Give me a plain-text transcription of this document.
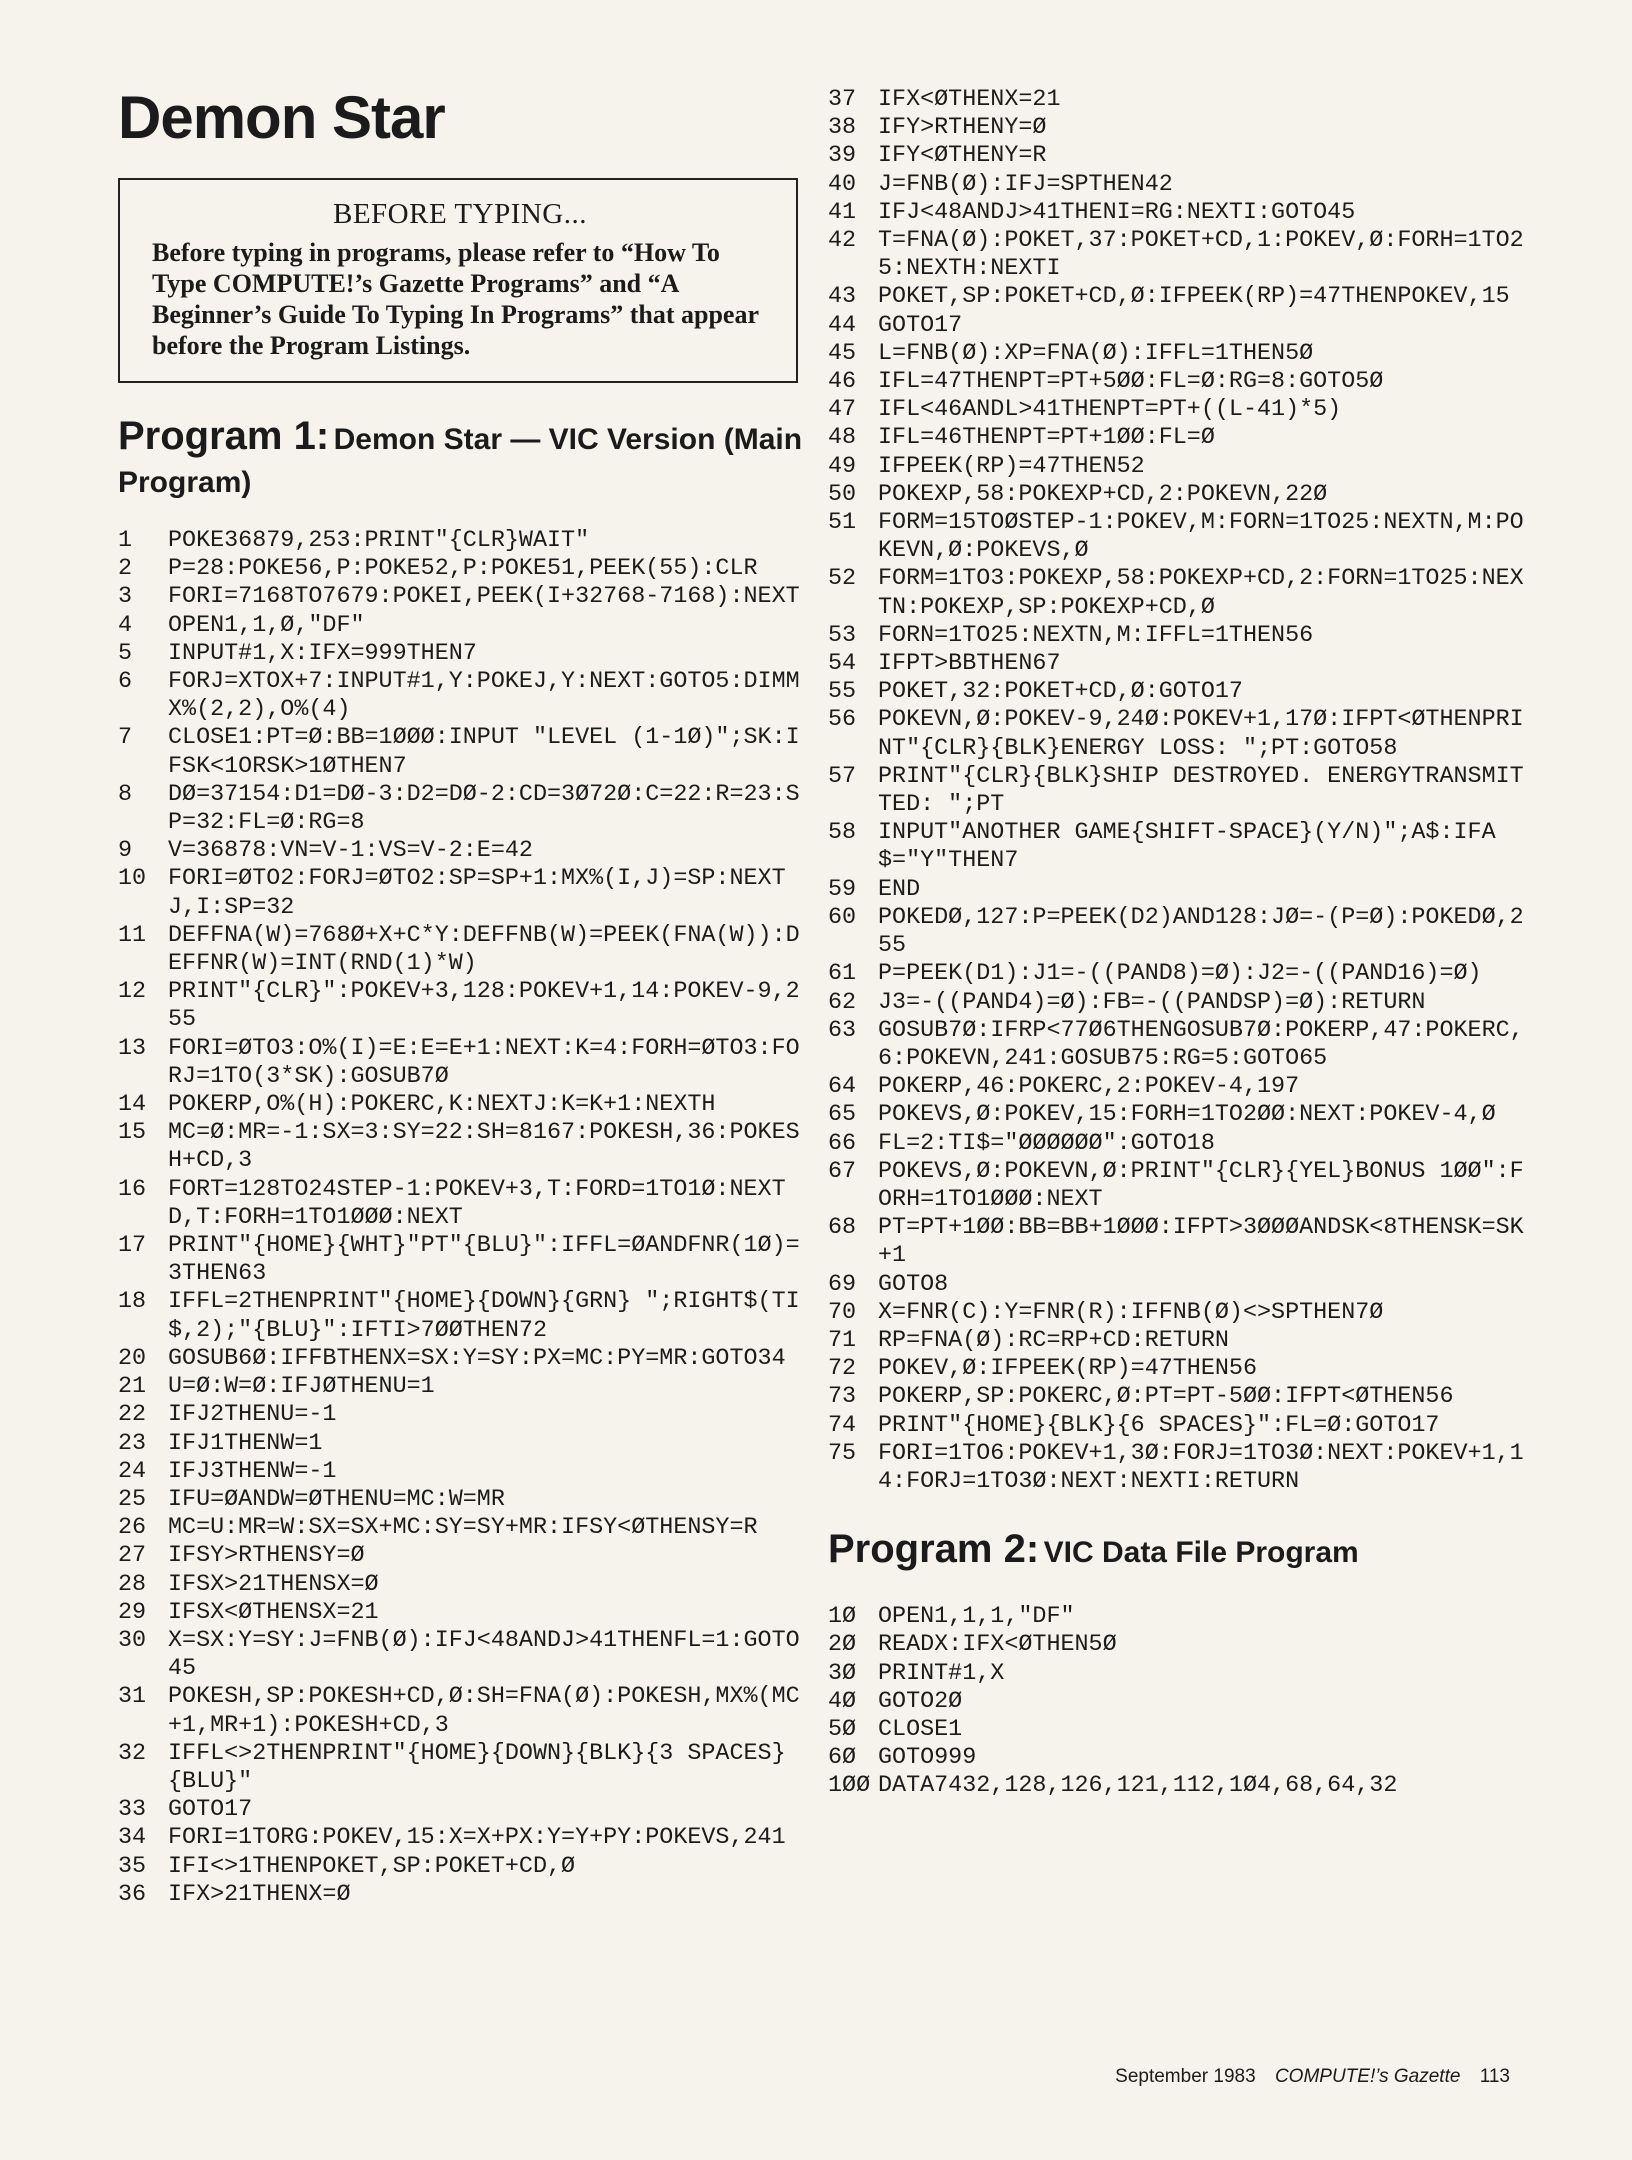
Demon Star
BEFORE TYPING...
Before typing in programs, please refer to “How To Type COMPUTE!’s Gazette Programs” and “A Beginner’s Guide To Typing In Programs” that appear before the Program Listings.
Program 1: Demon Star — VIC Version (Main Program)
1	POKE36879,253:PRINT"{CLR}WAIT"
2	P=28:POKE56,P:POKE52,P:POKE51,PEEK(55):CLR
3	FORI=7168TO7679:POKEI,PEEK(I+32768-7168):NEXT
4	OPEN1,1,Ø,"DF"
5	INPUT#1,X:IFX=999THEN7
6	FORJ=XTOX+7:INPUT#1,Y:POKEJ,Y:NEXT:GOTO5:DIMMX%(2,2),O%(4)
7	CLOSE1:PT=Ø:BB=1ØØØ:INPUT "LEVEL (1-1Ø)";SK:IFSK<1ORSK>1ØTHEN7
8	DØ=37154:D1=DØ-3:D2=DØ-2:CD=3Ø72Ø:C=22:R=23:SP=32:FL=Ø:RG=8
9	V=36878:VN=V-1:VS=V-2:E=42
10 FORI=ØTO2:FORJ=ØTO2:SP=SP+1:MX%(I,J)=SP:NEXTJ,I:SP=32
11 DEFFNA(W)=768Ø+X+C*Y:DEFFNB(W)=PEEK(FNA(W)):DEFFNR(W)=INT(RND(1)*W)
12 PRINT"{CLR}":POKEV+3,128:POKEV+1,14:POKEV-9,255
13 FORI=ØTO3:O%(I)=E:E=E+1:NEXT:K=4:FORH=ØTO3:FORJ=1TO(3*SK):GOSUB7Ø
14 POKERP,O%(H):POKERC,K:NEXTJ:K=K+1:NEXTH
15 MC=Ø:MR=-1:SX=3:SY=22:SH=8167:POKESH,36:POKESH+CD,3
16 FORT=128TO24STEP-1:POKEV+3,T:FORD=1TO1Ø:NEXTD,T:FORH=1TO1ØØØ:NEXT
17 PRINT"{HOME}{WHT}"PT"{BLU}":IFFL=ØANDFNR(1Ø)=3THEN63
18 IFFL=2THENPRINT"{HOME}{DOWN}{GRN} ";RIGHT$(TI$,2);"{BLU}":IFTI>7ØØTHEN72
20 GOSUB6Ø:IFFBTHENX=SX:Y=SY:PX=MC:PY=MR:GOTO34
21 U=Ø:W=Ø:IFJØTHENU=1
22 IFJ2THENU=-1
23 IFJ1THENW=1
24 IFJ3THENW=-1
25 IFU=ØANDW=ØTHENU=MC:W=MR
26 MC=U:MR=W:SX=SX+MC:SY=SY+MR:IFSY<ØTHENSY=R
27 IFSY>RTHENSY=Ø
28 IFSX>21THENSX=Ø
29 IFSX<ØTHENSX=21
30 X=SX:Y=SY:J=FNB(Ø):IFJ<48ANDJ>41THENFL=1:GOTO45
31 POKESH,SP:POKESH+CD,Ø:SH=FNA(Ø):POKESH,MX%(MC+1,MR+1):POKESH+CD,3
32 IFFL<>2THENPRINT"{HOME}{DOWN}{BLK}{3 SPACES}{BLU}"
33 GOTO17
34 FORI=1TORG:POKEV,15:X=X+PX:Y=Y+PY:POKEVS,241
35 IFI<>1THENPOKET,SP:POKET+CD,Ø
36 IFX>21THENX=Ø
37 IFX<ØTHENX=21
38 IFY>RTHENY=Ø
39 IFY<ØTHENY=R
40 J=FNB(Ø):IFJ=SPTHEN42
41 IFJ<48ANDJ>41THENI=RG:NEXTI:GOTO45
42 T=FNA(Ø):POKET,37:POKET+CD,1:POKEV,Ø:FORH=1TO25:NEXTH:NEXTI
43 POKET,SP:POKET+CD,Ø:IFPEEK(RP)=47THENPOKEV,15
44 GOTO17
45 L=FNB(Ø):XP=FNA(Ø):IFFL=1THEN5Ø
46 IFL=47THENPT=PT+5ØØ:FL=Ø:RG=8:GOTO5Ø
47 IFL<46ANDL>41THENPT=PT+((L-41)*5)
48 IFL=46THENPT=PT+1ØØ:FL=Ø
49 IFPEEK(RP)=47THEN52
50 POKEXP,58:POKEXP+CD,2:POKEVN,22Ø
51 FORM=15TOØSTEP-1:POKEV,M:FORN=1TO25:NEXTN,M:POKEVN,Ø:POKEVS,Ø
52 FORM=1TO3:POKEXP,58:POKEXP+CD,2:FORN=1TO25:NEXTN:POKEXP,SP:POKEXP+CD,Ø
53 FORN=1TO25:NEXTN,M:IFFL=1THEN56
54 IFPT>BBTHEN67
55 POKET,32:POKET+CD,Ø:GOTO17
56 POKEVN,Ø:POKEV-9,24Ø:POKEV+1,17Ø:IFPT<ØTHENPRINT"{CLR}{BLK}ENERGY LOSS: ";PT:GOTO58
57 PRINT"{CLR}{BLK}SHIP DESTROYED. ENERGYTRANSMITTED: ";PT
58 INPUT"ANOTHER GAME{SHIFT-SPACE}(Y/N)";A$:IFA$="Y"THEN7
59 END
60 POKEDØ,127:P=PEEK(D2)AND128:JØ=-(P=Ø):POKEDØ,255
61 P=PEEK(D1):J1=-((PAND8)=Ø):J2=-((PAND16)=Ø)
62 J3=-((PAND4)=Ø):FB=-((PANDSP)=Ø):RETURN
63 GOSUB7Ø:IFRP<77Ø6THENGOSUB7Ø:POKERP,47:POKERC,6:POKEVN,241:GOSUB75:RG=5:GOTO65
64 POKERP,46:POKERC,2:POKEV-4,197
65 POKEVS,Ø:POKEV,15:FORH=1TO2ØØ:NEXT:POKEV-4,Ø
66 FL=2:TI$="ØØØØØØ":GOTO18
67 POKEVS,Ø:POKEVN,Ø:PRINT"{CLR}{YEL}BONUS 1ØØ":FORH=1TO1ØØØ:NEXT
68 PT=PT+1ØØ:BB=BB+1ØØØ:IFPT>3ØØØANDSK<8THENSK=SK+1
69 GOTO8
70 X=FNR(C):Y=FNR(R):IFFNB(Ø)<>SPTHEN7Ø
71 RP=FNA(Ø):RC=RP+CD:RETURN
72 POKEV,Ø:IFPEEK(RP)=47THEN56
73 POKERP,SP:POKERC,Ø:PT=PT-5ØØ:IFPT<ØTHEN56
74 PRINT"{HOME}{BLK}{6 SPACES}":FL=Ø:GOTO17
75 FORI=1TO6:POKEV+1,3Ø:FORJ=1TO3Ø:NEXT:POKEV+1,14:FORJ=1TO3Ø:NEXT:NEXTI:RETURN
Program 2: VIC Data File Program
1Ø OPEN1,1,1,"DF"
2Ø READX:IFX<ØTHEN5Ø
3Ø PRINT#1,X
4Ø GOTO2Ø
5Ø CLOSE1
6Ø GOTO999
1ØØ DATA7432,128,126,121,112,1Ø4,68,64,32
September 1983 COMPUTE!’s Gazette 113
